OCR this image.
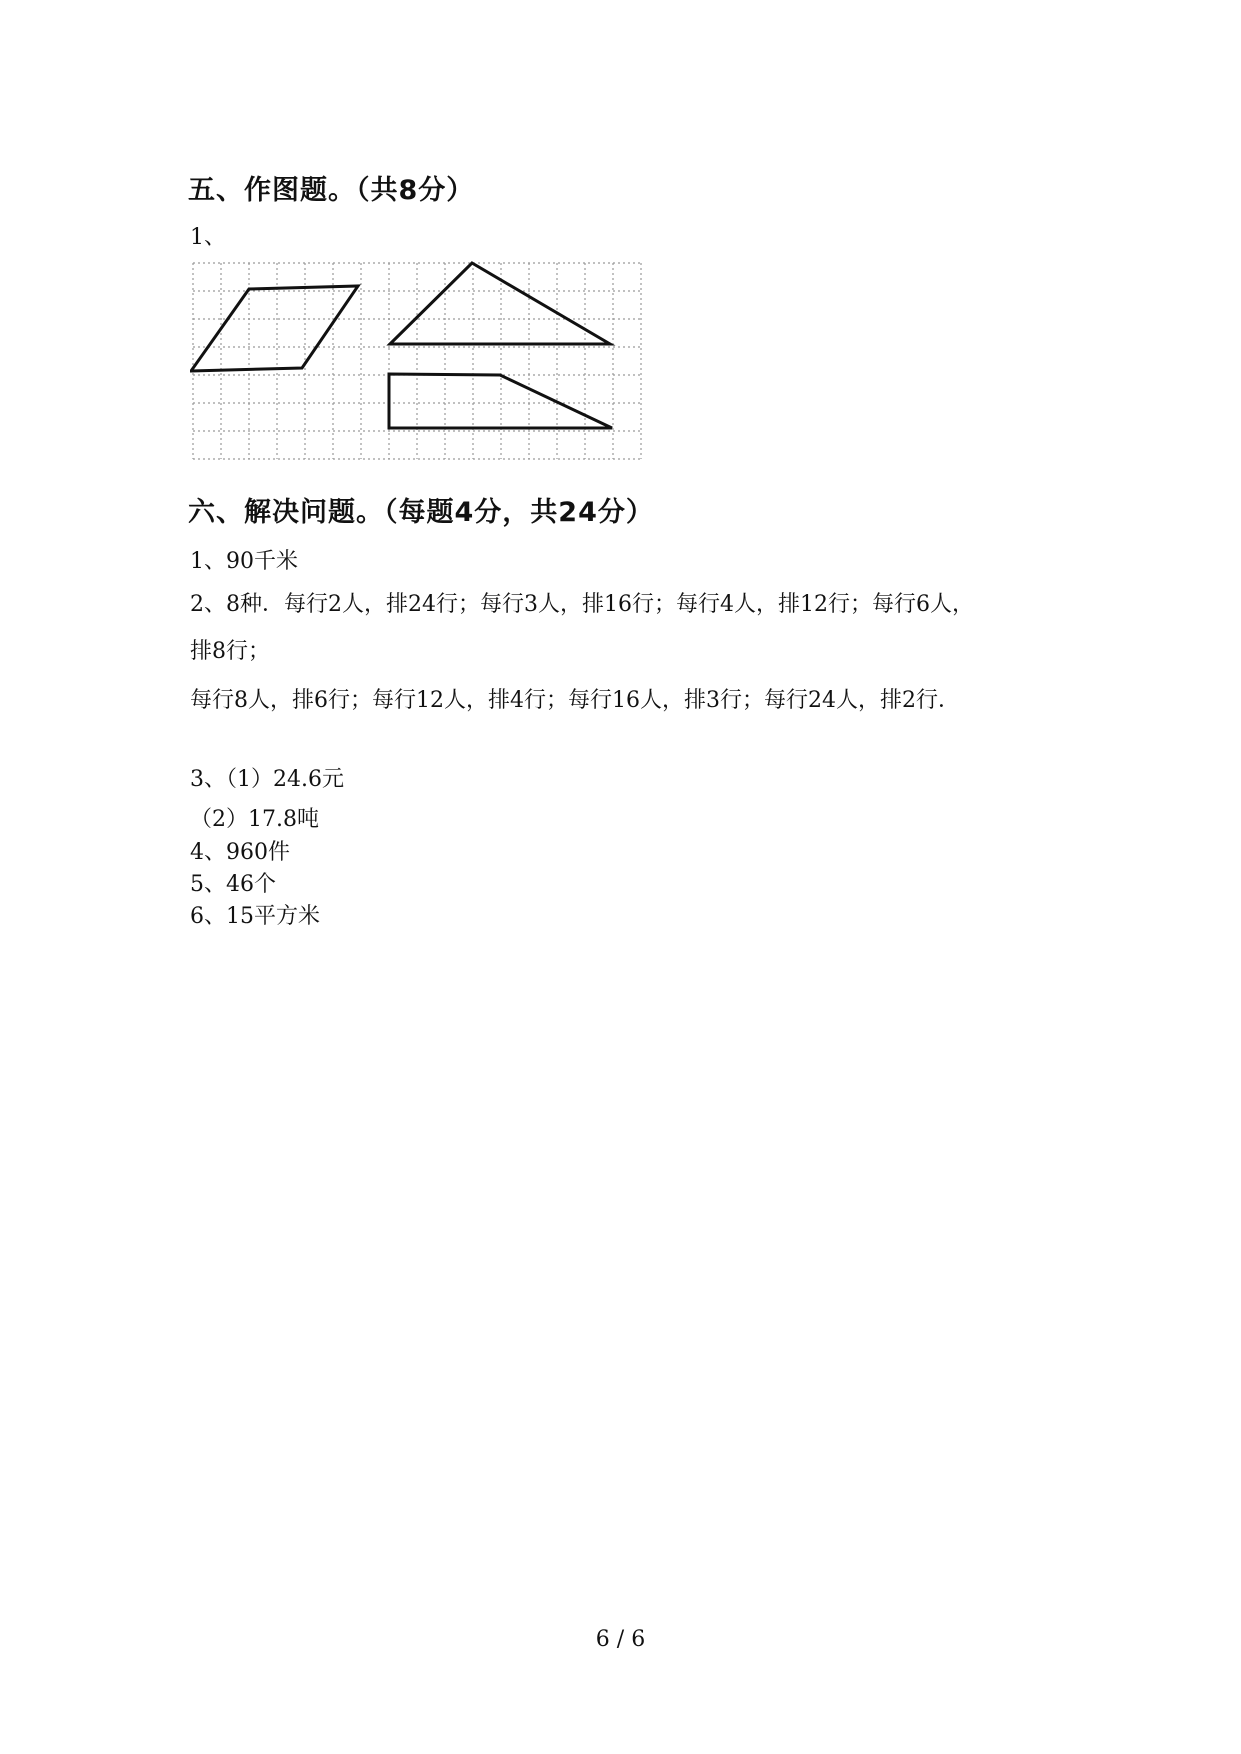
五、作图题。（共8分）
1、
六、解决问题。（每题4分，共24分）
1、90千米
2、8种．每行2人，排24行；每行3人，排16行；每行4人，排12行；每行6人，
排8行；
每行8人，排6行；每行12人，排4行；每行16人，排3行；每行24人，排2行．
3、（1）24.6元
（2）17.8吨
4、960件
5、46个
6、15平方米
6 / 6
